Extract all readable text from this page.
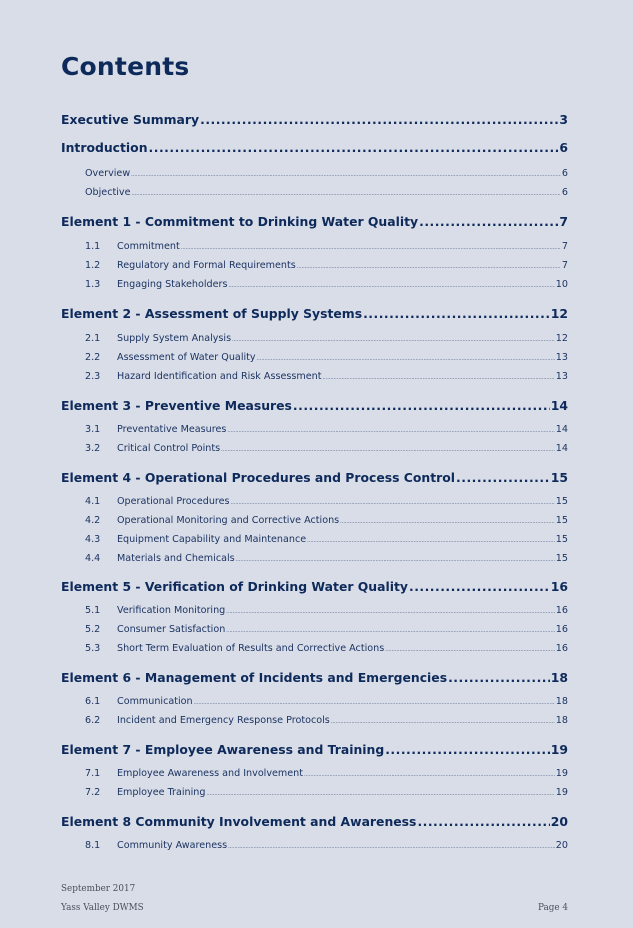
Contents
Executive Summary .....	3
Introduction .....	6
Overview .....	6
Objective .....	6
Element 1 - Commitment to Drinking Water Quality .....	7
1.1 Commitment .....	7
1.2 Regulatory and Formal Requirements .....	7
1.3 Engaging Stakeholders .....	10
Element 2 - Assessment of Supply Systems .....	12
2.1 Supply System Analysis .....	12
2.2 Assessment of Water Quality .....	13
2.3 Hazard Identification and Risk Assessment .....	13
Element 3 - Preventive Measures .....	14
3.1 Preventative Measures .....	14
3.2 Critical Control Points .....	14
Element 4 - Operational Procedures and Process Control .....	15
4.1 Operational Procedures .....	15
4.2 Operational Monitoring and Corrective Actions .....	15
4.3 Equipment Capability and Maintenance .....	15
4.4 Materials and Chemicals .....	15
Element 5 - Verification of Drinking Water Quality .....	16
5.1 Verification Monitoring .....	16
5.2 Consumer Satisfaction .....	16
5.3 Short Term Evaluation of Results and Corrective Actions .....	16
Element 6 - Management of Incidents and Emergencies .....	18
6.1 Communication .....	18
6.2 Incident and Emergency Response Protocols .....	18
Element 7 - Employee Awareness and Training .....	19
7.1 Employee Awareness and Involvement .....	19
7.2 Employee Training .....	19
Element 8 Community Involvement and Awareness .....	20
8.1 Community Awareness .....	20
September 2017
Yass Valley DWMS	Page 4
